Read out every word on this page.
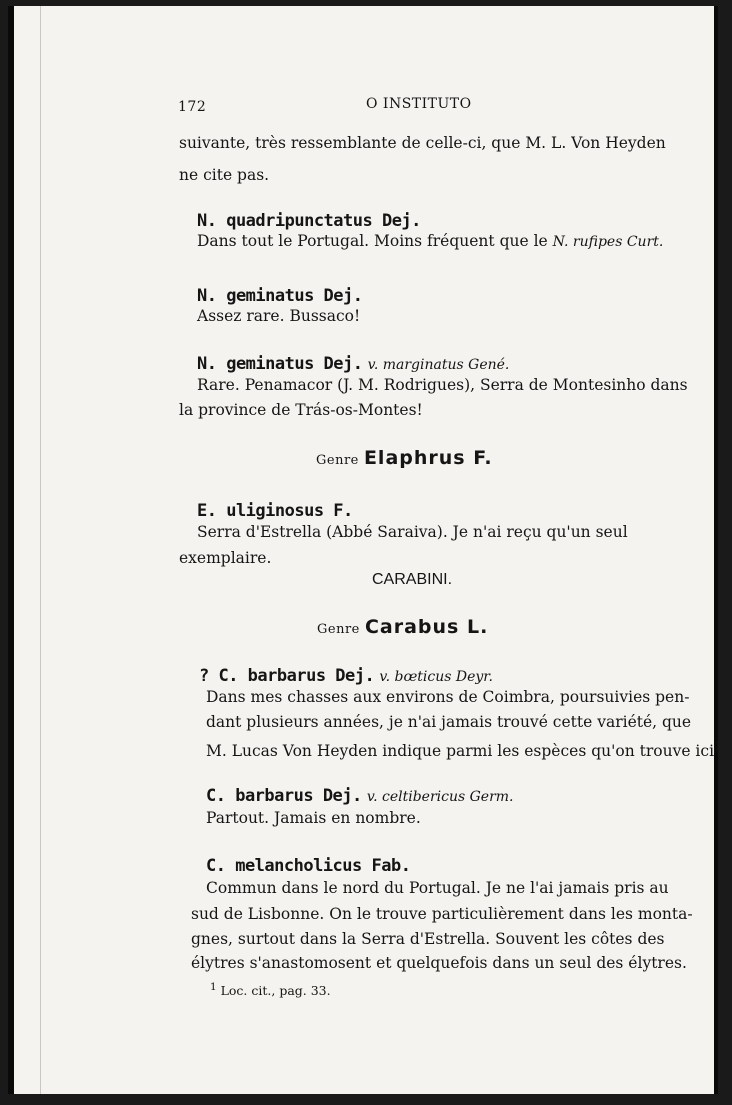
172	O INSTITUTO
suivante, très ressemblante de celle-ci, que M. L. Von Heyden
ne cite pas.
N. quadripunctatus Dej.
Dans tout le Portugal. Moins fréquent que le N. rufipes Curt.
N. geminatus Dej.
Assez rare. Bussaco!
N. geminatus Dej. v. marginatus Gené.
Rare. Penamacor (J. M. Rodrigues), Serra de Montesinho dans
la province de Trás-os-Montes!
Genre Elaphrus F.
E. uliginosus F.
Serra d'Estrella (Abbé Saraiva). Je n'ai reçu qu'un seul
exemplaire.
CARABINI.
Genre Carabus L.
? C. barbarus Dej. v. bœticus Deyr.
Dans mes chasses aux environs de Coimbra, poursuivies pen-
dant plusieurs années, je n'ai jamais trouvé cette variété, que
M. Lucas Von Heyden indique parmi les espèces qu'on trouve ici$^1$
C. barbarus Dej. v. celtibericus Germ.
Partout. Jamais en nombre.
C. melancholicus Fab.
Commun dans le nord du Portugal. Je ne l'ai jamais pris au
sud de Lisbonne. On le trouve particulièrement dans les monta-
gnes, surtout dans la Serra d'Estrella. Souvent les côtes des
élytres s'anastomosent et quelquefois dans un seul des élytres.
$^1$ Loc. cit., pag. 33.
